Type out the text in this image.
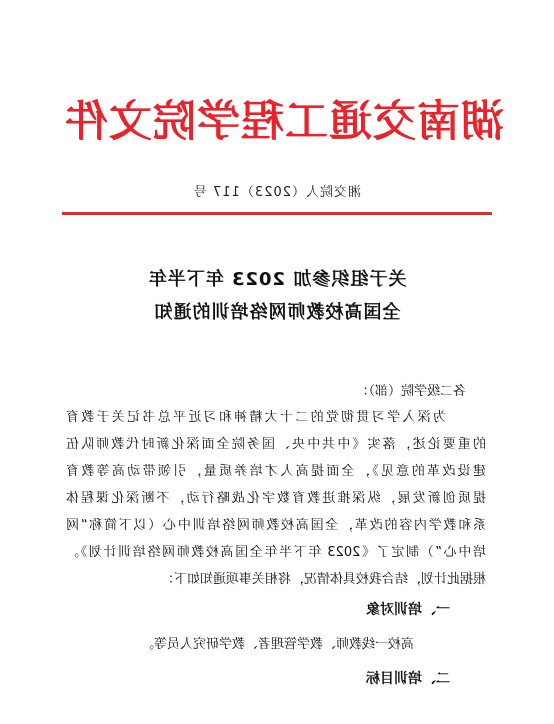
湖南交通工程学院文件
湘交院人（2023）117 号
关于组织参加 2023 年下半年
全国高校教师网络培训的通知
各二级学院（部）：
为深入学习贯彻党的二十大精神和习近平总书记关于教育
的重要论述，落实《中共中央、国务院全面深化新时代教师队伍
建设改革的意见》，全面提高人才培养质量，引领带动高等教育
提质创新发展，纵深推进教育数字化战略行动，不断深化课程体
系和教学内容的改革，全国高校教师网络培训中心（以下简称“网
培中心”）制定了《2023 年下半年全国高校教师网络培训计划》。
根据此计划，结合我校具体情况，将相关事项通知如下：
一、培训对象
高校一线教师、教学管理者、教学研究人员等。
二、培训目标
